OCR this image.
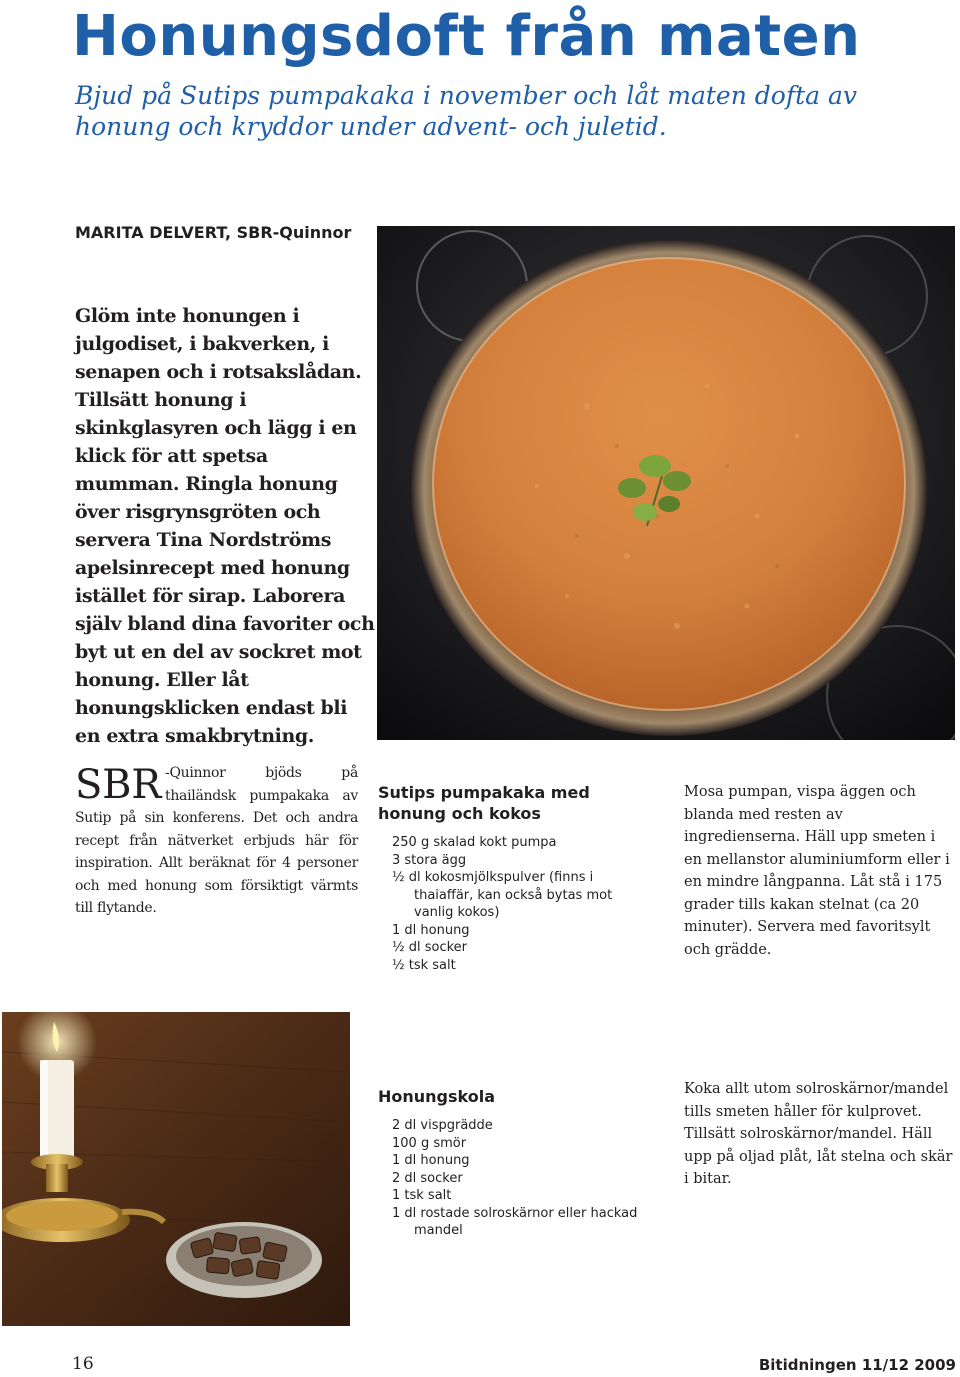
Honungsdoft från maten

Bjud på Sutips pumpakaka i november och låt maten dofta av honung och kryddor under advent- och juletid.

MARITA DELVERT, SBR-Quinnor

Glöm inte honungen i julgodiset, i bakverken, i senapen och i rotsakslådan. Tillsätt honung i skinkglasyren och lägg i en klick för att spetsa mumman. Ringla honung över risgrynsgröten och servera Tina Nordströms apelsinrecept med honung istället för sirap. Laborera själv bland dina favoriter och byt ut en del av sockret mot honung. Eller låt honungsklicken endast bli en extra smakbrytning.

SBR -Quinnor bjöds på thailändsk pumpakaka av Sutip på sin konferens. Det och andra recept från nätverket erbjuds här för inspiration. Allt beräknat för 4 personer och med honung som försiktigt värmts till flytande.

Sutips pumpakaka med honung och kokos
250 g skalad kokt pumpa
3 stora ägg
½ dl kokosmjölkspulver (finns i thaiaffär, kan också bytas mot vanlig kokos)
1 dl honung
½ dl socker
½ tsk salt

Mosa pumpan, vispa äggen och blanda med resten av ingredienserna. Häll upp smeten i en mellanstor aluminiumform eller i en mindre långpanna. Låt stå i 175 grader tills kakan stelnat (ca 20 minuter). Servera med favoritsylt och grädde.

Honungskola
2 dl vispgrädde
100 g smör
1 dl honung
2 dl socker
1 tsk salt
1 dl rostade solroskärnor eller hackad mandel

Koka allt utom solroskärnor/mandel tills smeten håller för kulprovet. Tillsätt solroskärnor/mandel. Häll upp på oljad plåt, låt stelna och skär i bitar.

16	Bitidningen 11/12 2009
